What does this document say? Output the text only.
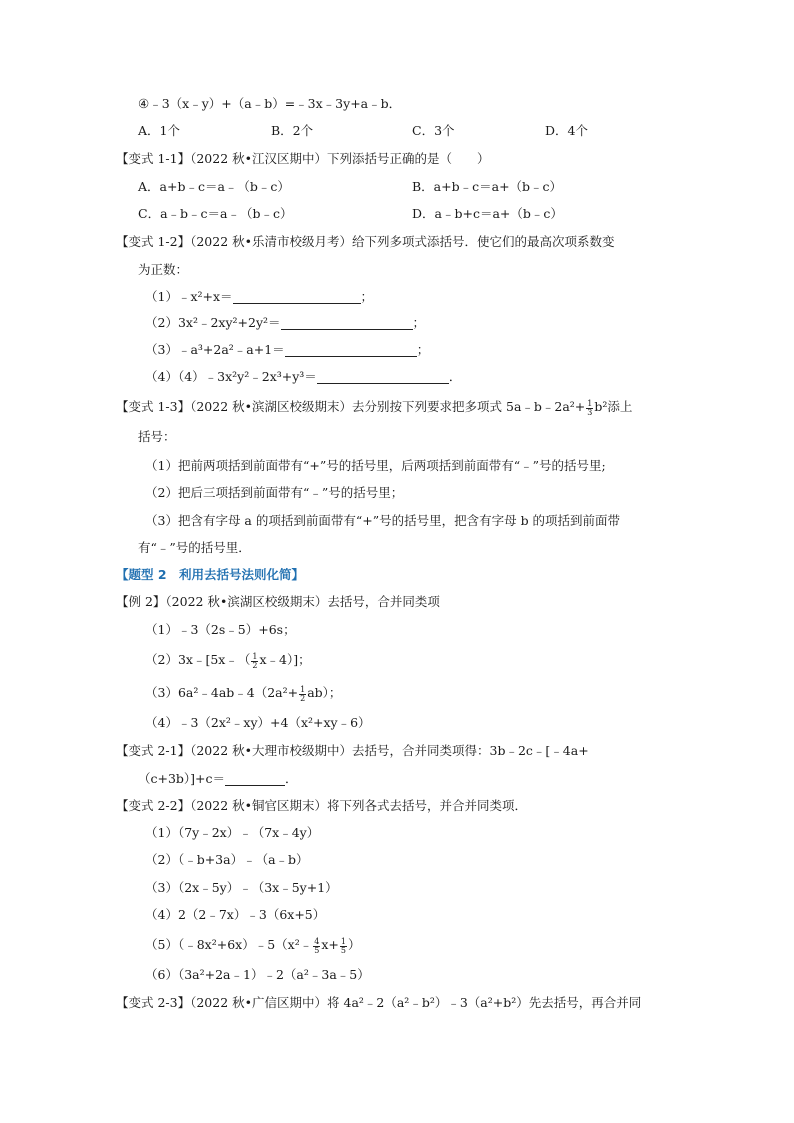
④﹣3（x﹣y）+（a﹣b）=﹣3x﹣3y+a﹣b．
A．1个	B．2个	C．3个	D．4个
【变式 1-1】（2022 秋•江汉区期中）下列添括号正确的是（　　）
A．a+b﹣c＝a﹣（b﹣c）	B．a+b﹣c＝a+（b﹣c）
C．a﹣b﹣c＝a﹣（b﹣c）	D．a﹣b+c＝a+（b﹣c）
【变式 1-2】（2022 秋•乐清市校级月考）给下列多项式添括号．使它们的最高次项系数变
为正数：
（1）﹣x²+x＝	；
（2）3x²﹣2xy²+2y²＝	；
（3）﹣a³+2a²﹣a+1＝	；
（4）（4）﹣3x²y²﹣2x³+y³＝	．
【变式 1-3】（2022 秋•滨湖区校级期末）去分别按下列要求把多项式 5a﹣b﹣2a²+ $\frac{1}{3} b^2$添上
括号：
（1）把前两项括到前面带有“+”号的括号里，后两项括到前面带有“﹣”号的括号里;
（2）把后三项括到前面带有“﹣”号的括号里；
（3）把含有字母 a 的项括到前面带有“+”号的括号里，把含有字母 b 的项括到前面带
有“﹣”号的括号里．
【题型 2　利用去括号法则化简】
【例 2】（2022 秋•滨湖区校级期末）去括号，合并同类项
（1）﹣3（2s﹣5）+6s；
（2）3x﹣[5x﹣（ $\frac{1}{2}$ x﹣4）]；
（3）6a²﹣4ab﹣4（2a²+ $\frac{1}{2} ab$）；
（4）﹣3（2x²﹣xy）+4（x²+xy﹣6）
【变式 2-1】（2022 秋•大理市校级期中）去括号，合并同类项得：3b﹣2c﹣[﹣4a+
（c+3b）]+c＝	．
【变式 2-2】（2022 秋•铜官区期末）将下列各式去括号，并合并同类项．
（1）（7y﹣2x）﹣（7x﹣4y）
（2）（﹣b+3a）﹣（a﹣b）
（3）（2x﹣5y）﹣（3x﹣5y+1）
（4）2（2﹣7x）﹣3（6x+5）
（5）（﹣8x²+6x）﹣5（x²﹣ $\frac{4}{5} x+ \frac{1}{5}$ ）
（6）（3a²+2a﹣1）﹣2（a²﹣3a﹣5）
【变式 2-3】（2022 秋•广信区期中）将 4a²﹣2（a²﹣b²）﹣3（a²+b²）先去括号，再合并同
